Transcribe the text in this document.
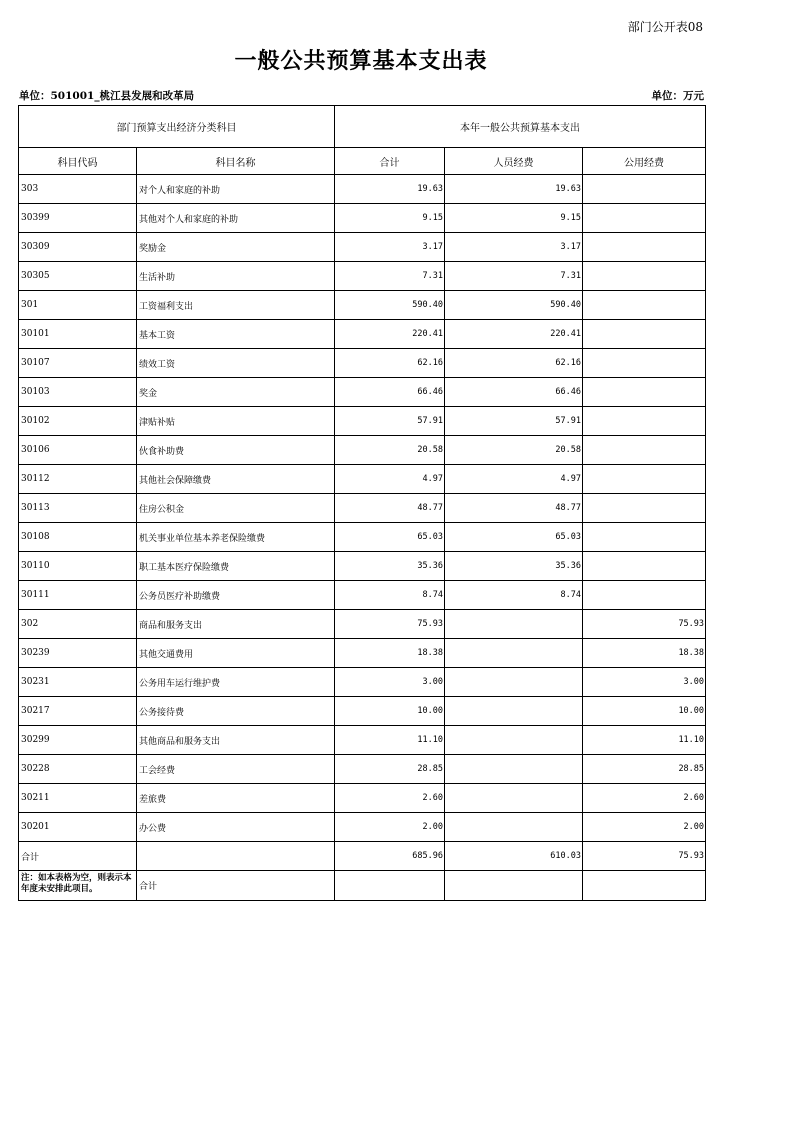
部门公开表08
一般公共预算基本支出表
单位：501001_桃江县发展和改革局	单位：万元
部门预算支出经济分类科目		本年一般公共预算基本支出		
科目代码	科目名称	合计	人员经费	公用经费
303	对个人和家庭的补助	19.63	19.63	
30399	其他对个人和家庭的补助	9.15	9.15	
30309	奖励金	3.17	3.17	
30305	生活补助	7.31	7.31	
301	工资福利支出	590.40	590.40	
30101	基本工资	220.41	220.41	
30107	绩效工资	62.16	62.16	
30103	奖金	66.46	66.46	
30102	津贴补贴	57.91	57.91	
30106	伙食补助费	20.58	20.58	
30112	其他社会保障缴费	4.97	4.97	
30113	住房公积金	48.77	48.77	
30108	机关事业单位基本养老保险缴费	65.03	65.03	
30110	职工基本医疗保险缴费	35.36	35.36	
30111	公务员医疗补助缴费	8.74	8.74	
302	商品和服务支出	75.93		75.93
30239	其他交通费用	18.38		18.38
30231	公务用车运行维护费	3.00		3.00
30217	公务接待费	10.00		10.00
30299	其他商品和服务支出	11.10		11.10
30228	工会经费	28.85		28.85
30211	差旅费	2.60		2.60
30201	办公费	2.00		2.00
合计		685.96	610.03	75.93
注：如本表格为空，则表示本年度未安排此项目。	合计			
